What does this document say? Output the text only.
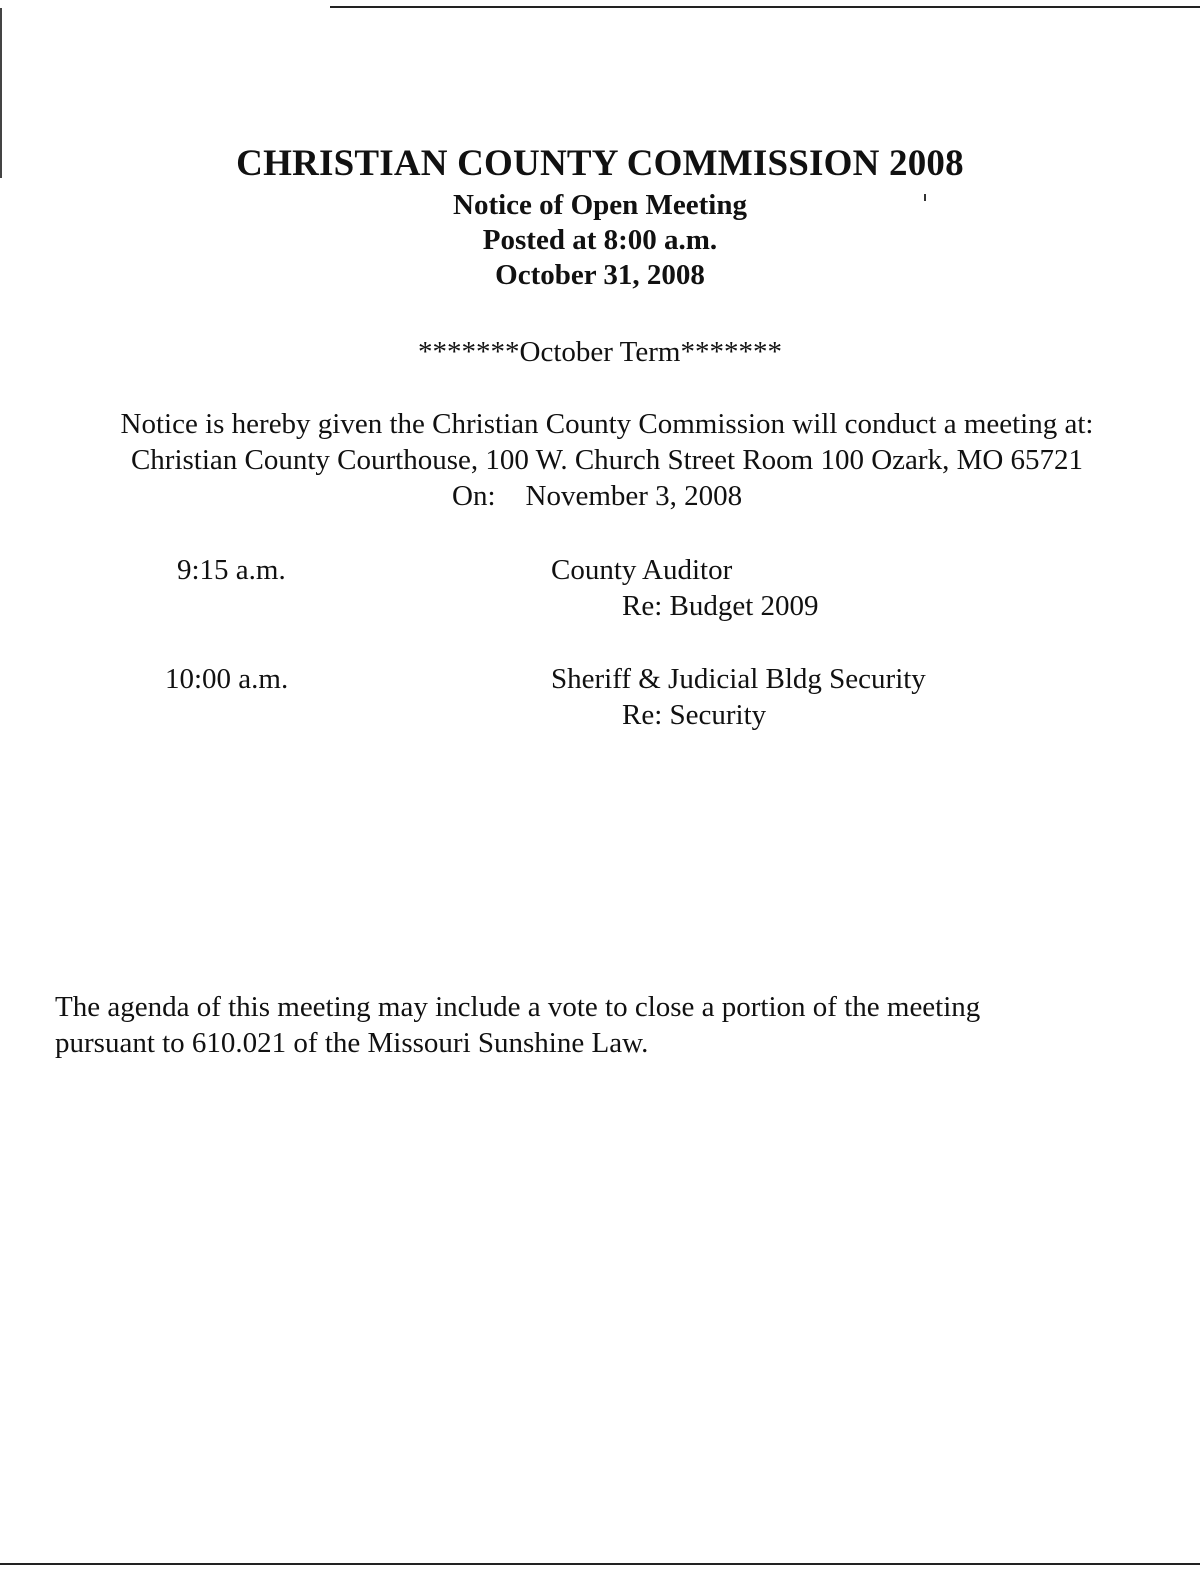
CHRISTIAN COUNTY COMMISSION 2008

Notice of Open Meeting

Posted at 8:00 a.m.

October 31, 2008

*******October Term*******

Notice is hereby given the Christian County Commission will conduct a meeting at:

Christian County Courthouse, 100 W. Church Street Room 100 Ozark, MO 65721

On: November 3, 2008
9:15 a.m.	County Auditor
Re: Budget 2009
10:00 a.m.	Sheriff & Judicial Bldg Security
Re: Security

The agenda of this meeting may include a vote to close a portion of the meeting

pursuant to 610.021 of the Missouri Sunshine Law.
